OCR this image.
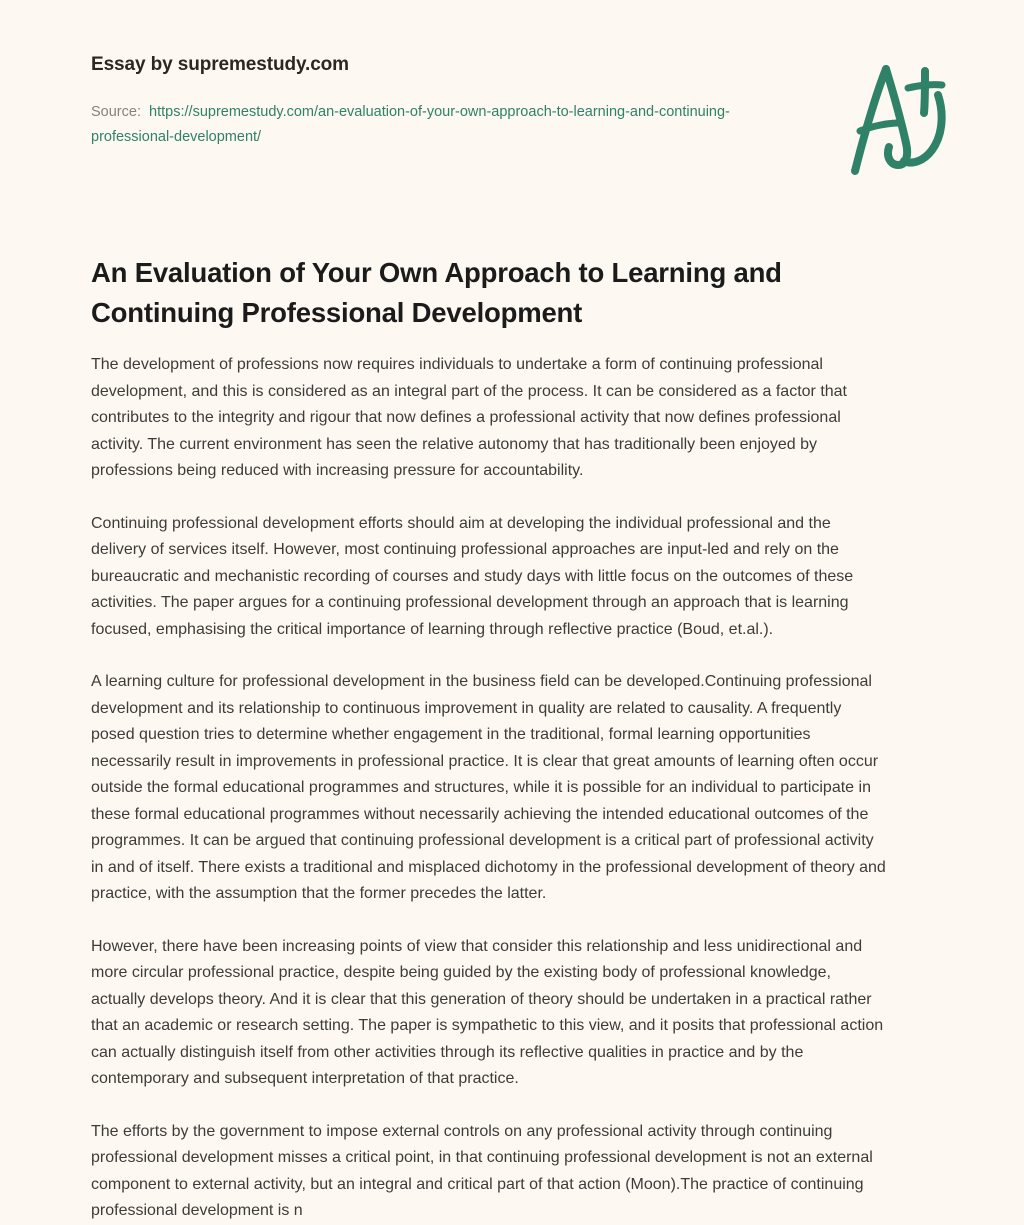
Essay by supremestudy.com
Source: https://supremestudy.com/an-evaluation-of-your-own-approach-to-learning-and-continuing-professional-development/
An Evaluation of Your Own Approach to Learning and Continuing Professional Development

The development of professions now requires individuals to undertake a form of continuing professional development, and this is considered as an integral part of the process. It can be considered as a factor that contributes to the integrity and rigour that now defines a professional activity that now defines professional activity. The current environment has seen the relative autonomy that has traditionally been enjoyed by professions being reduced with increasing pressure for accountability.

Continuing professional development efforts should aim at developing the individual professional and the delivery of services itself. However, most continuing professional approaches are input-led and rely on the bureaucratic and mechanistic recording of courses and study days with little focus on the outcomes of these activities. The paper argues for a continuing professional development through an approach that is learning focused, emphasising the critical importance of learning through reflective practice (Boud, et.al.).

A learning culture for professional development in the business field can be developed.Continuing professional development and its relationship to continuous improvement in quality are related to causality. A frequently posed question tries to determine whether engagement in the traditional, formal learning opportunities necessarily result in improvements in professional practice. It is clear that great amounts of learning often occur outside the formal educational programmes and structures, while it is possible for an individual to participate in these formal educational programmes without necessarily achieving the intended educational outcomes of the programmes. It can be argued that continuing professional development is a critical part of professional activity in and of itself. There exists a traditional and misplaced dichotomy in the professional development of theory and practice, with the assumption that the former precedes the latter.

However, there have been increasing points of view that consider this relationship and less unidirectional and more circular professional practice, despite being guided by the existing body of professional knowledge, actually develops theory. And it is clear that this generation of theory should be undertaken in a practical rather that an academic or research setting. The paper is sympathetic to this view, and it posits that professional action can actually distinguish itself from other activities through its reflective qualities in practice and by the contemporary and subsequent interpretation of that practice.

The efforts by the government to impose external controls on any professional activity through continuing professional development misses a critical point, in that continuing professional development is not an external component to external activity, but an integral and critical part of that action (Moon).The practice of continuing professional development is n
